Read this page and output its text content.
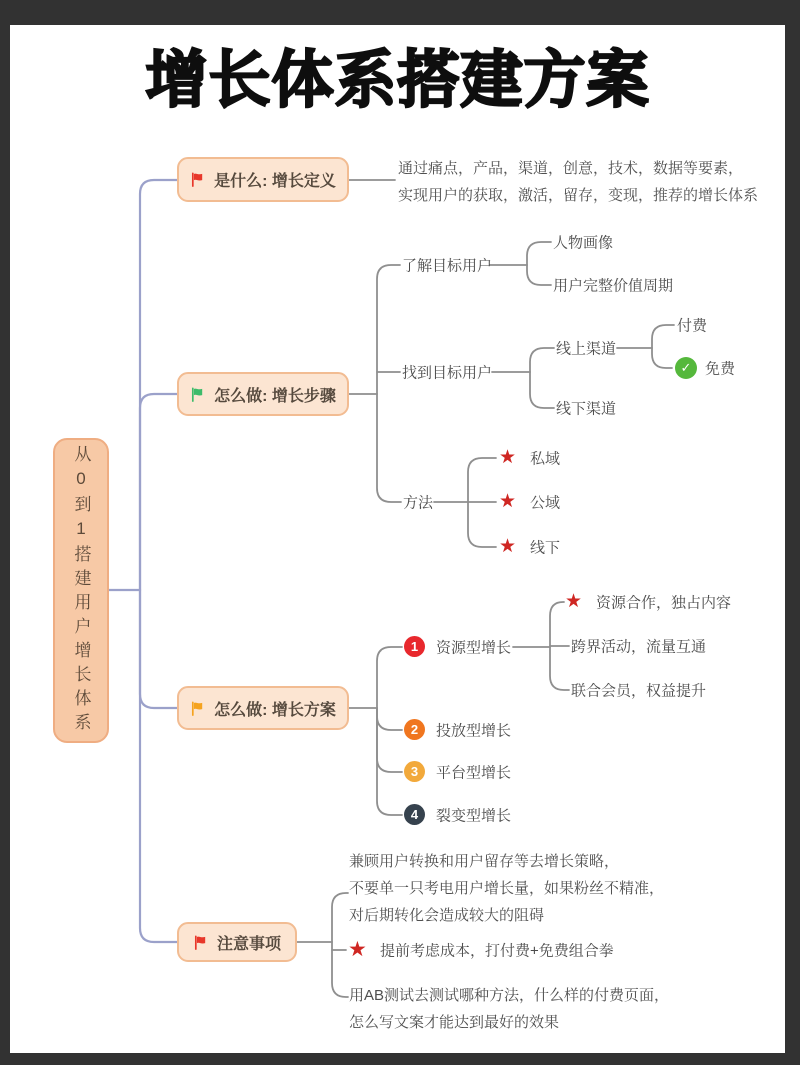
增长体系搭建方案
从0到1搭建用户增长体系
是什么: 增长定义
通过痛点，产品，渠道，创意，技术，数据等要素，
实现用户的获取，激活，留存，变现，推荐的增长体系
怎么做: 增长步骤
了解目标用户
人物画像
用户完整价值周期
找到目标用户
线上渠道
付费
✓ 免费
线下渠道
方法
★ 私域
★ 公域
★ 线下
怎么做: 增长方案
1	资源型增长
★ 资源合作，独占内容
跨界活动，流量互通
联合会员，权益提升
2	投放型增长
3	平台型增长
4	裂变型增长
注意事项
兼顾用户转换和用户留存等去增长策略，
不要单一只考电用户增长量，如果粉丝不精准，
对后期转化会造成较大的阻碍
★ 提前考虑成本，打付费+免费组合拳
用AB测试去测试哪种方法，什么样的付费页面，
怎么写文案才能达到最好的效果
